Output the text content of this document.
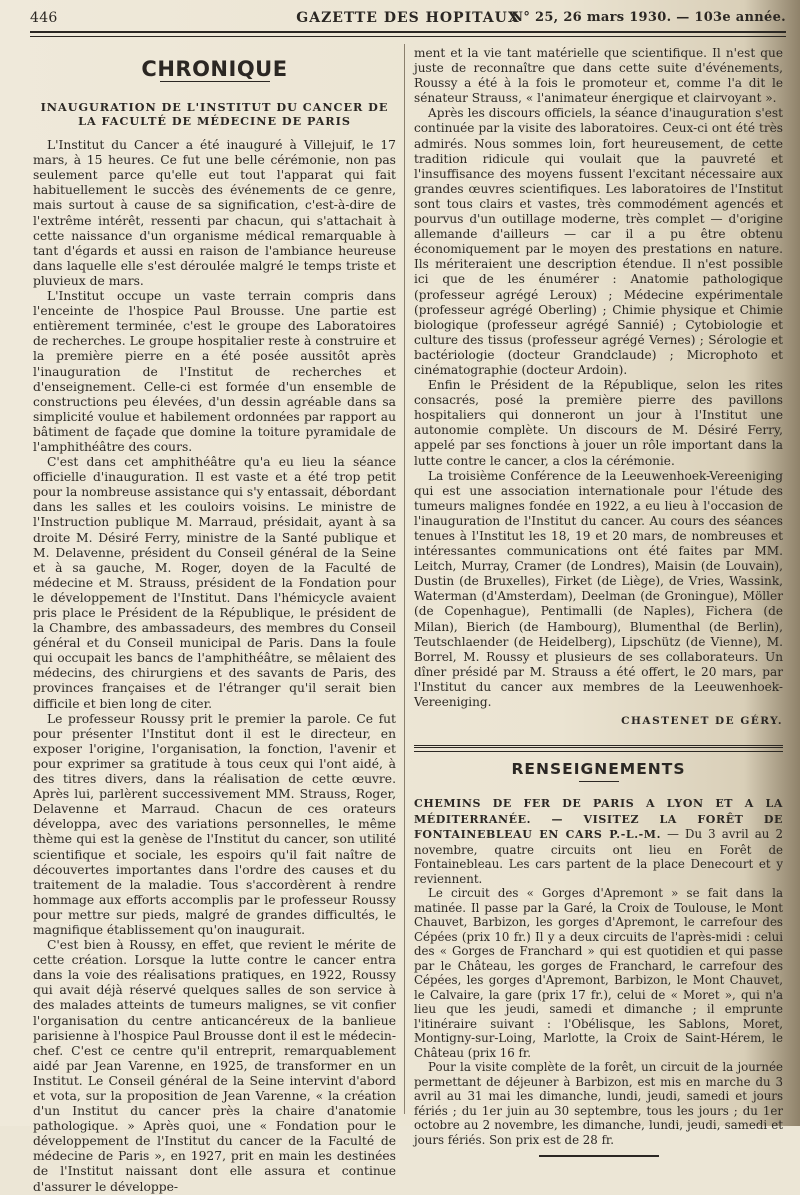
446	GAZETTE DES HOPITAUX
N° 25, 26 mars 1930. — 103e année.
CHRONIQUE
INAUGURATION DE L'INSTITUT DU CANCER DE LA FACULTÉ DE MÉDECINE DE PARIS

L'Institut du Cancer a été inauguré à Villejuif, le 17 mars, à 15 heures. Ce fut une belle cérémonie, non pas seulement parce qu'elle eut tout l'apparat qui fait habituellement le succès des événements de ce genre, mais surtout à cause de sa signification, c'est-à-dire de l'extrême intérêt, ressenti par chacun, qui s'attachait à cette naissance d'un organisme médical remarquable à tant d'égards et aussi en raison de l'ambiance heureuse dans laquelle elle s'est déroulée malgré le temps triste et pluvieux de mars.

L'Institut occupe un vaste terrain compris dans l'enceinte de l'hospice Paul Brousse. Une partie est entièrement terminée, c'est le groupe des Laboratoires de recherches. Le groupe hospitalier reste à construire et la première pierre en a été posée aussitôt après l'inauguration de l'Institut de recherches et d'enseignement. Celle-ci est formée d'un ensemble de constructions peu élevées, d'un dessin agréable dans sa simplicité voulue et habilement ordonnées par rapport au bâtiment de façade que domine la toiture pyramidale de l'amphithéâtre des cours.

C'est dans cet amphithéâtre qu'a eu lieu la séance officielle d'inauguration. Il est vaste et a été trop petit pour la nombreuse assistance qui s'y entassait, débordant dans les salles et les couloirs voisins. Le ministre de l'Instruction publique M. Marraud, présidait, ayant à sa droite M. Désiré Ferry, ministre de la Santé publique et M. Delavenne, président du Conseil général de la Seine et à sa gauche, M. Roger, doyen de la Faculté de médecine et M. Strauss, président de la Fondation pour le développement de l'Institut. Dans l'hémicycle avaient pris place le Président de la République, le président de la Chambre, des ambassadeurs, des membres du Conseil général et du Conseil municipal de Paris. Dans la foule qui occupait les bancs de l'amphithéâtre, se mêlaient des médecins, des chirurgiens et des savants de Paris, des provinces françaises et de l'étranger qu'il serait bien difficile et bien long de citer.

Le professeur Roussy prit le premier la parole. Ce fut pour présenter l'Institut dont il est le directeur, en exposer l'origine, l'organisation, la fonction, l'avenir et pour exprimer sa gratitude à tous ceux qui l'ont aidé, à des titres divers, dans la réalisation de cette œuvre. Après lui, parlèrent successivement MM. Strauss, Roger, Delavenne et Marraud. Chacun de ces orateurs développa, avec des variations personnelles, le même thème qui est la genèse de l'Institut du cancer, son utilité scientifique et sociale, les espoirs qu'il fait naître de découvertes importantes dans l'ordre des causes et du traitement de la maladie. Tous s'accordèrent à rendre hommage aux efforts accomplis par le professeur Roussy pour mettre sur pieds, malgré de grandes difficultés, le magnifique établissement qu'on inaugurait.

C'est bien à Roussy, en effet, que revient le mérite de cette création. Lorsque la lutte contre le cancer entra dans la voie des réalisations pratiques, en 1922, Roussy qui avait déjà réservé quelques salles de son service à des malades atteints de tumeurs malignes, se vit confier l'organisation du centre anticancéreux de la banlieue parisienne à l'hospice Paul Brousse dont il est le médecin-chef. C'est ce centre qu'il entreprit, remarquablement aidé par Jean Varenne, en 1925, de transformer en un Institut. Le Conseil général de la Seine intervint d'abord et vota, sur la proposition de Jean Varenne, « la création d'un Institut du cancer près la chaire d'anatomie pathologique. » Après quoi, une « Fondation pour le développement de l'Institut du cancer de la Faculté de médecine de Paris », en 1927, prit en main les destinées de l'Institut naissant dont elle assura et continue d'assurer le développe-

ment et la vie tant matérielle que scientifique. Il n'est que juste de reconnaître que dans cette suite d'événements, Roussy a été à la fois le promoteur et, comme l'a dit le sénateur Strauss, « l'animateur énergique et clairvoyant ».

Après les discours officiels, la séance d'inauguration s'est continuée par la visite des laboratoires. Ceux-ci ont été très admirés. Nous sommes loin, fort heureusement, de cette tradition ridicule qui voulait que la pauvreté et l'insuffisance des moyens fussent l'excitant nécessaire aux grandes œuvres scientifiques. Les laboratoires de l'Institut sont tous clairs et vastes, très commodément agencés et pourvus d'un outillage moderne, très complet — d'origine allemande d'ailleurs — car il a pu être obtenu économiquement par le moyen des prestations en nature. Ils mériteraient une description étendue. Il n'est possible ici que de les énumérer : Anatomie pathologique (professeur agrégé Leroux) ; Médecine expérimentale (professeur agrégé Oberling) ; Chimie physique et Chimie biologique (professeur agrégé Sannié) ; Cytobiologie et culture des tissus (professeur agrégé Vernes) ; Sérologie et bactériologie (docteur Grandclaude) ; Microphoto et cinématographie (docteur Ardoin).

Enfin le Président de la République, selon les rites consacrés, posé la première pierre des pavillons hospitaliers qui donneront un jour à l'Institut une autonomie complète. Un discours de M. Désiré Ferry, appelé par ses fonctions à jouer un rôle important dans la lutte contre le cancer, a clos la cérémonie.

La troisième Conférence de la Leeuwenhoek-Vereeniging qui est une association internationale pour l'étude des tumeurs malignes fondée en 1922, a eu lieu à l'occasion de l'inauguration de l'Institut du cancer. Au cours des séances tenues à l'Institut les 18, 19 et 20 mars, de nombreuses et intéressantes communications ont été faites par MM. Leitch, Murray, Cramer (de Londres), Maisin (de Louvain), Dustin (de Bruxelles), Firket (de Liège), de Vries, Wassink, Waterman (d'Amsterdam), Deelman (de Groningue), Möller (de Copenhague), Pentimalli (de Naples), Fichera (de Milan), Bierich (de Hambourg), Blumenthal (de Berlin), Teutschlaender (de Heidelberg), Lipschütz (de Vienne), M. Borrel, M. Roussy et plusieurs de ses collaborateurs. Un dîner présidé par M. Strauss a été offert, le 20 mars, par l'Institut du cancer aux membres de la Leeuwenhoek-Vereeniging.

CHASTENET DE GÉRY.
RENSEIGNEMENTS

CHEMINS DE FER DE PARIS A LYON ET A LA MÉDITERRANÉE. — VISITEZ LA FORÊT DE FONTAINEBLEAU EN CARS P.-L.-M. — Du 3 avril au 2 novembre, quatre circuits ont lieu en Forêt de Fontainebleau. Les cars partent de la place Denecourt et y reviennent.

Le circuit des « Gorges d'Apremont » se fait dans la matinée. Il passe par la Garé, la Croix de Toulouse, le Mont Chauvet, Barbizon, les gorges d'Apremont, le carrefour des Cépées (prix 10 fr.) Il y a deux circuits de l'après-midi : celui des « Gorges de Franchard » qui est quotidien et qui passe par le Château, les gorges de Franchard, le carrefour des Cépées, les gorges d'Apremont, Barbizon, le Mont Chauvet, le Calvaire, la gare (prix 17 fr.), celui de « Moret », qui n'a lieu que les jeudi, samedi et dimanche ; il emprunte l'itinéraire suivant : l'Obélisque, les Sablons, Moret, Montigny-sur-Loing, Marlotte, la Croix de Saint-Hérem, le Château (prix 16 fr.

Pour la visite complète de la forêt, un circuit de la journée permettant de déjeuner à Barbizon, est mis en marche du 3 avril au 31 mai les dimanche, lundi, jeudi, samedi et jours fériés ; du 1er juin au 30 septembre, tous les jours ; du 1er octobre au 2 novembre, les dimanche, lundi, jeudi, samedi et jours fériés. Son prix est de 28 fr.
